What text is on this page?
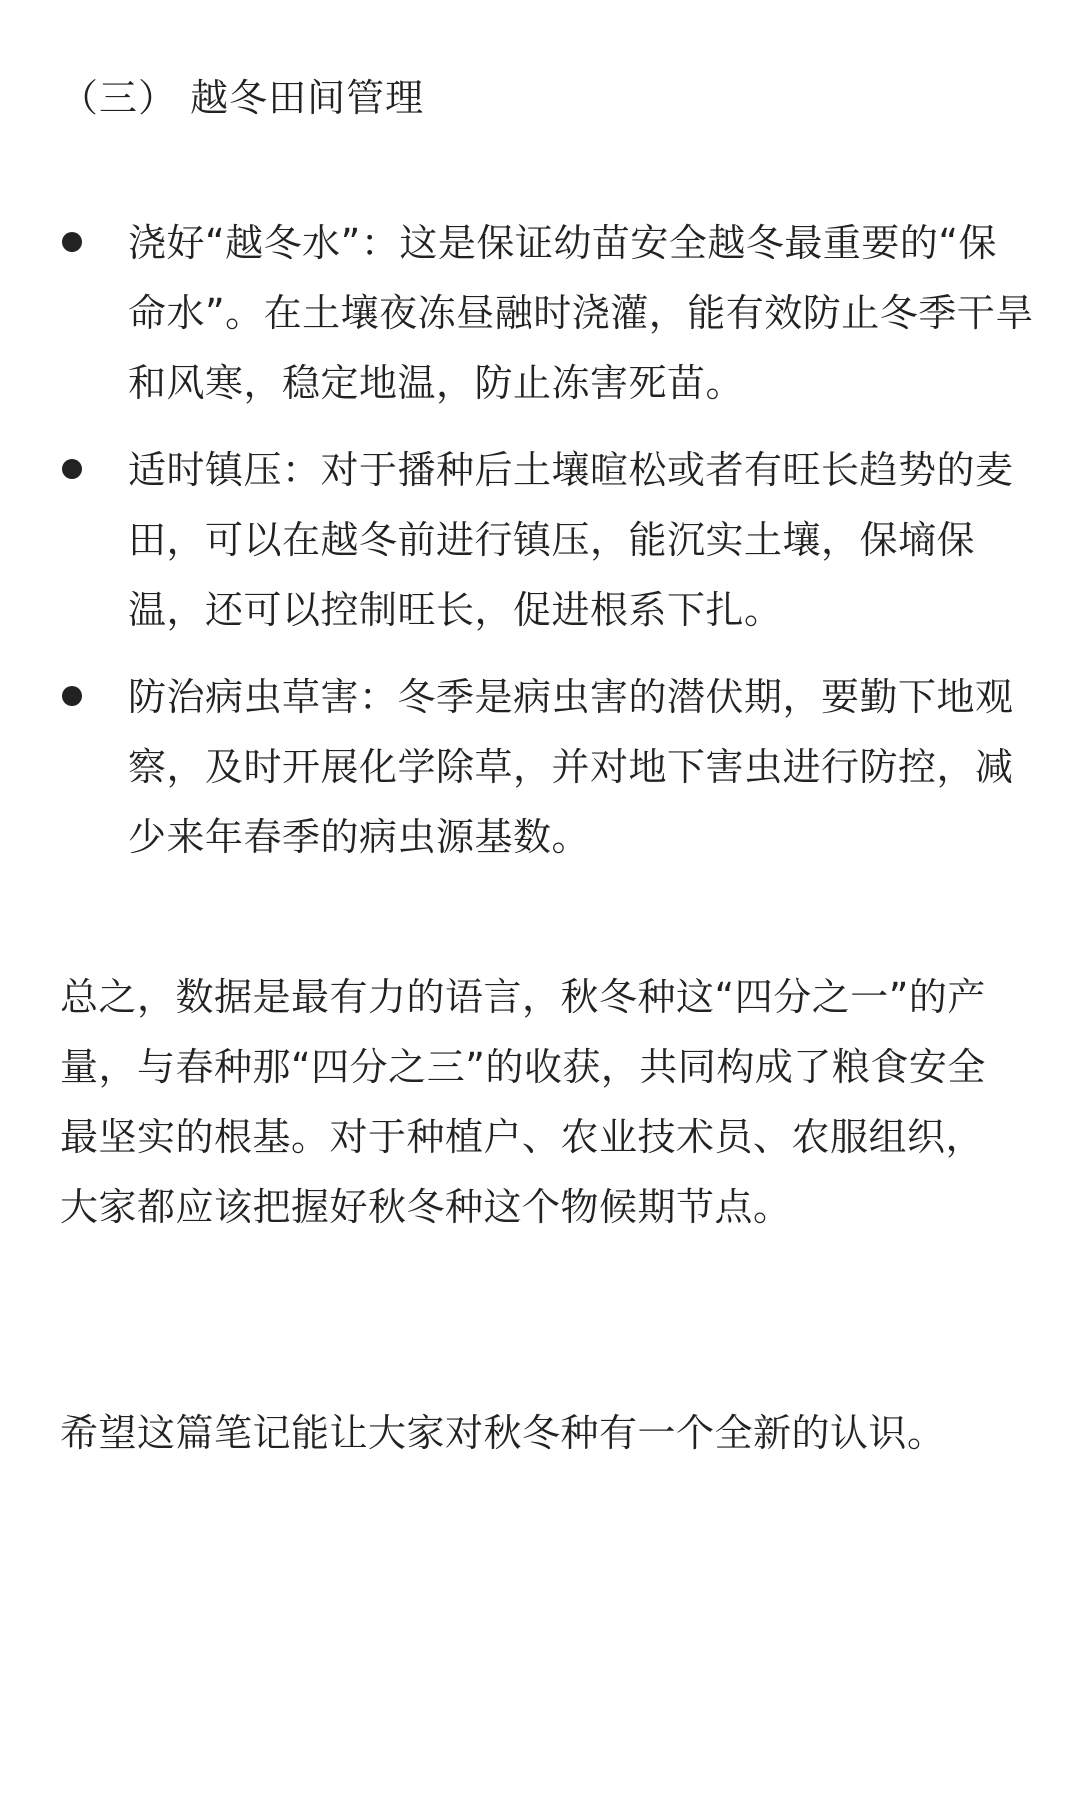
（三） 越冬田间管理
浇好“越冬水”：这是保证幼苗安全越冬最重要的“保命水”。在土壤夜冻昼融时浇灌，能有效防止冬季干旱和风寒，稳定地温，防止冻害死苗。
适时镇压：对于播种后土壤暄松或者有旺长趋势的麦田，可以在越冬前进行镇压，能沉实土壤，保墒保温，还可以控制旺长，促进根系下扎。
防治病虫草害：冬季是病虫害的潜伏期，要勤下地观察，及时开展化学除草，并对地下害虫进行防控，减少来年春季的病虫源基数。

总之，数据是最有力的语言，秋冬种这“四分之一”的产量，与春种那“四分之三”的收获，共同构成了粮食安全最坚实的根基。对于种植户、农业技术员、农服组织，大家都应该把握好秋冬种这个物候期节点。

希望这篇笔记能让大家对秋冬种有一个全新的认识。
